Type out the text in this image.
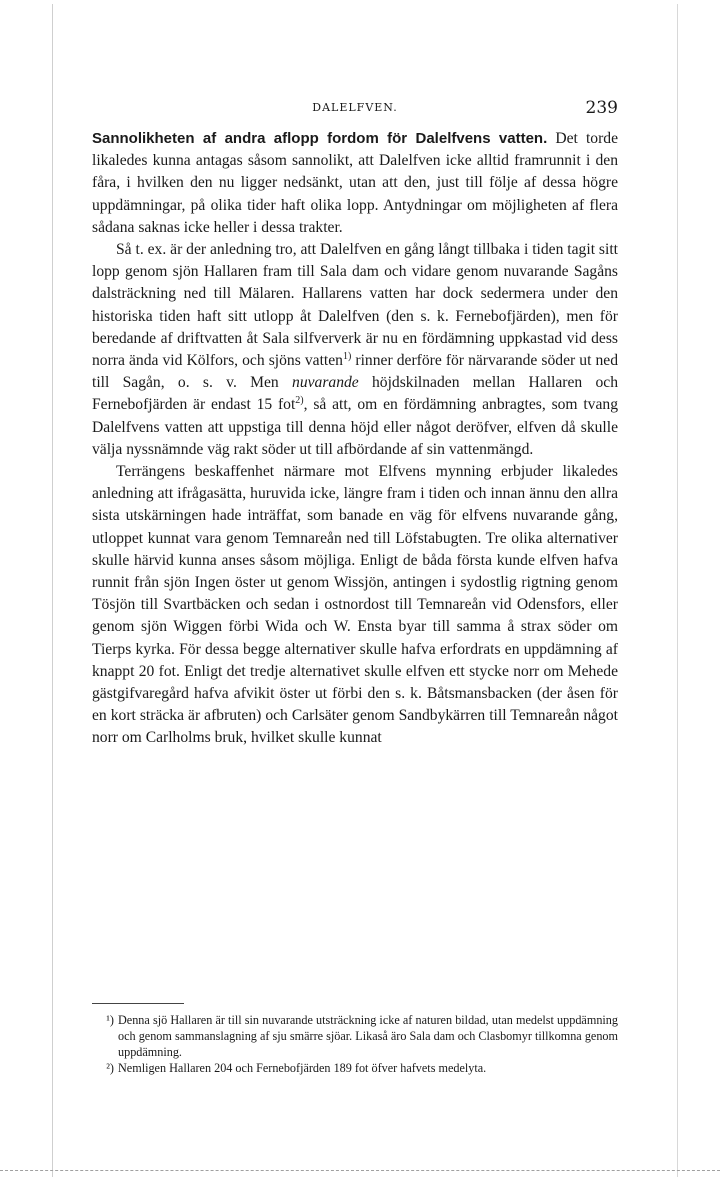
DALELFVEN.	239

Sannolikheten af andra aflopp fordom för Dalelfvens vatten. Det torde likaledes kunna antagas såsom sannolikt, att Dalelfven icke alltid framrunnit i den fåra, i hvilken den nu ligger nedsänkt, utan att den, just till följe af dessa högre uppdämningar, på olika tider haft olika lopp. Antydningar om möjligheten af flera sådana saknas icke heller i dessa trakter.

Så t. ex. är der anledning tro, att Dalelfven en gång långt tillbaka i tiden tagit sitt lopp genom sjön Hallaren fram till Sala dam och vidare genom nuvarande Sagåns dalsträckning ned till Mälaren. Hallarens vatten har dock sedermera under den historiska tiden haft sitt utlopp åt Dalelfven (den s. k. Fernebofjärden), men för beredande af driftvatten åt Sala silfververk är nu en fördämning uppkastad vid dess norra ända vid Kölfors, och sjöns vatten$^{1)}$ rinner derföre för närvarande söder ut ned till Sagån, o. s. v. Men nuvarande höjdskilnaden mellan Hallaren och Fernebofjärden är endast 15 fot$^{2)}$, så att, om en fördämning anbragtes, som tvang Dalelfvens vatten att uppstiga till denna höjd eller något deröfver, elfven då skulle välja nyssnämnde väg rakt söder ut till afbördande af sin vattenmängd.

Terrängens beskaffenhet närmare mot Elfvens mynning erbjuder likaledes anledning att ifrågasätta, huruvida icke, längre fram i tiden och innan ännu den allra sista utskärningen hade inträffat, som banade en väg för elfvens nuvarande gång, utloppet kunnat vara genom Temnareån ned till Löfstabugten. Tre olika alternativer skulle härvid kunna anses såsom möjliga. Enligt de båda första kunde elfven hafva runnit från sjön Ingen öster ut genom Wissjön, antingen i sydostlig rigtning genom Tösjön till Svartbäcken och sedan i ostnordost till Temnareån vid Odensfors, eller genom sjön Wiggen förbi Wida och W. Ensta byar till samma å strax söder om Tierps kyrka. För dessa begge alternativer skulle hafva erfordrats en uppdämning af knappt 20 fot. Enligt det tredje alternativet skulle elfven ett stycke norr om Mehede gästgifvaregård hafva afvikit öster ut förbi den s. k. Båtsmansbacken (der åsen för en kort sträcka är afbruten) och Carlsäter genom Sandbykärren till Temnareån något norr om Carlholms bruk, hvilket skulle kunnat

¹) Denna sjö Hallaren är till sin nuvarande utsträckning icke af naturen bildad, utan medelst uppdämning och genom sammanslagning af sju smärre sjöar. Likaså äro Sala dam och Clasbomyr tillkomna genom uppdämning.
²) Nemligen Hallaren 204 och Fernebofjärden 189 fot öfver hafvets medelyta.
